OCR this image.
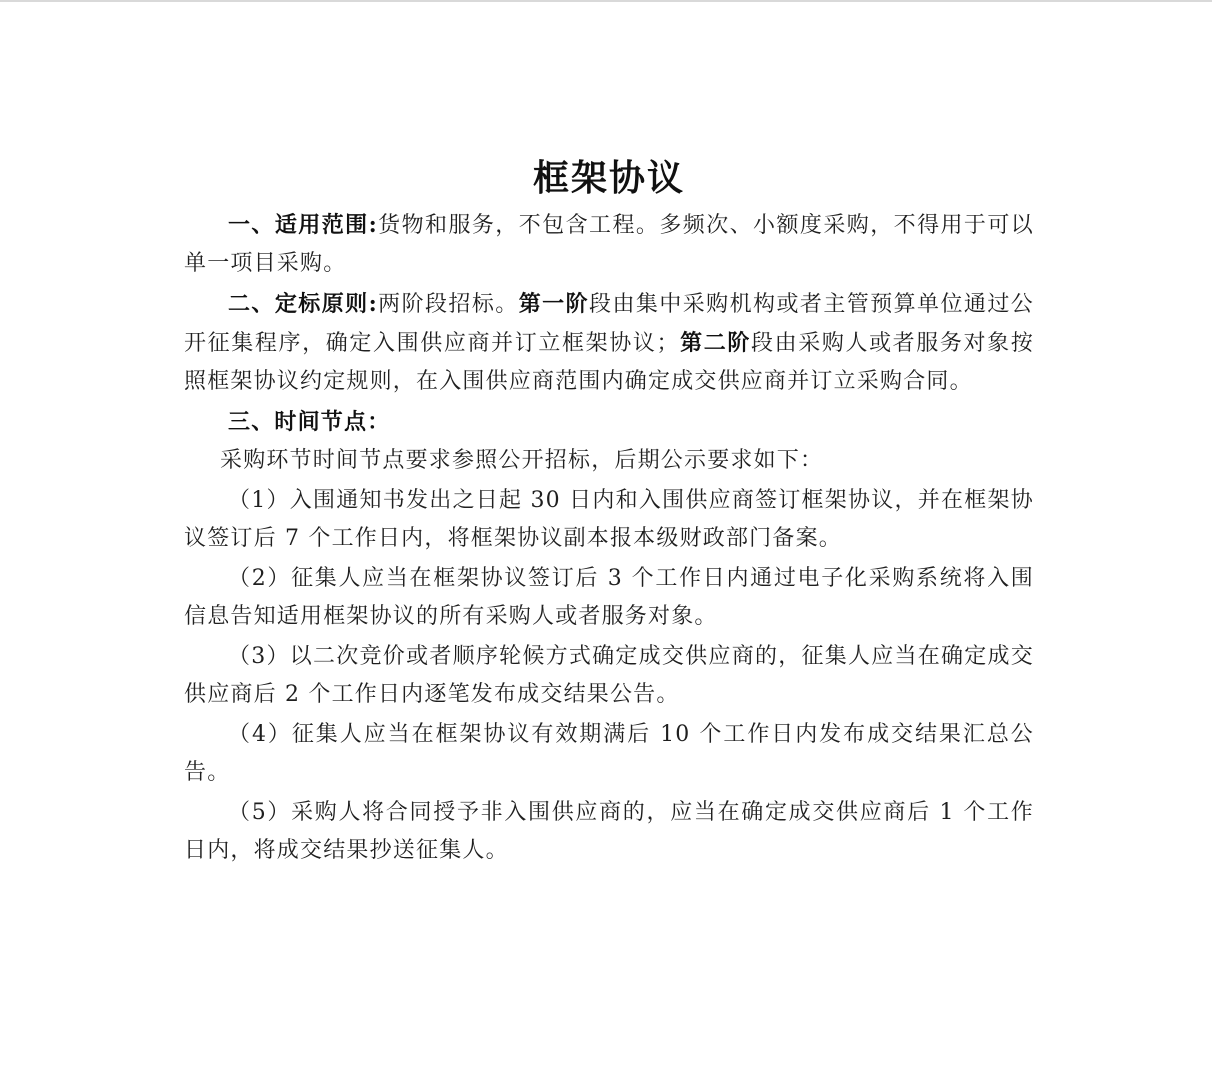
框架协议

一、适用范围:货物和服务，不包含工程。多频次、小额度采购，不得用于可以单一项目采购。

二、定标原则:两阶段招标。第一阶段由集中采购机构或者主管预算单位通过公开征集程序，确定入围供应商并订立框架协议；第二阶段由采购人或者服务对象按照框架协议约定规则，在入围供应商范围内确定成交供应商并订立采购合同。

三、时间节点：

采购环节时间节点要求参照公开招标，后期公示要求如下：

（1）入围通知书发出之日起 30 日内和入围供应商签订框架协议，并在框架协议签订后 7 个工作日内，将框架协议副本报本级财政部门备案。

（2）征集人应当在框架协议签订后 3 个工作日内通过电子化采购系统将入围信息告知适用框架协议的所有采购人或者服务对象。

（3）以二次竞价或者顺序轮候方式确定成交供应商的，征集人应当在确定成交供应商后 2 个工作日内逐笔发布成交结果公告。

（4）征集人应当在框架协议有效期满后 10 个工作日内发布成交结果汇总公告。

（5）采购人将合同授予非入围供应商的，应当在确定成交供应商后 1 个工作日内，将成交结果抄送征集人。
